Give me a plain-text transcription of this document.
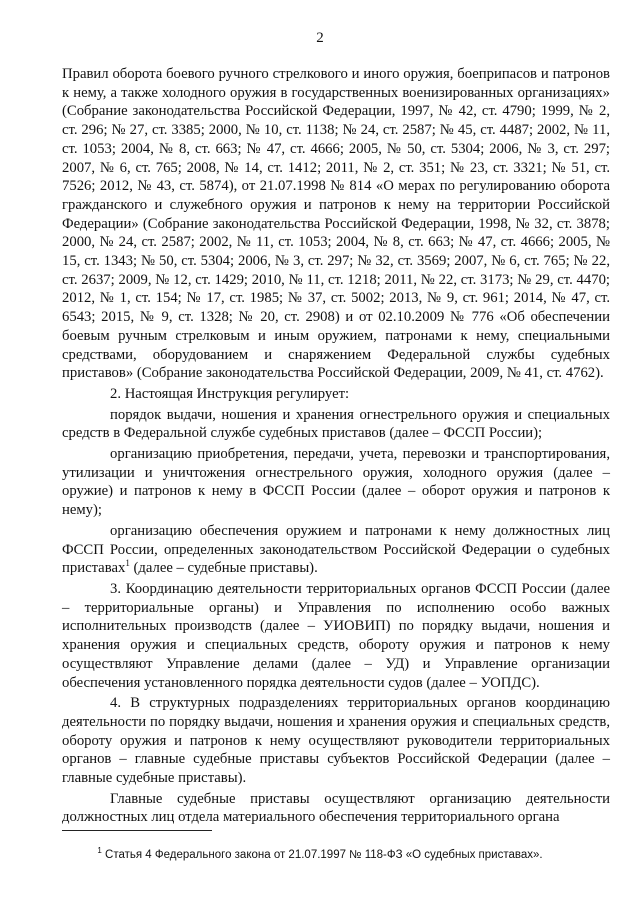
2

Правил оборота боевого ручного стрелкового и иного оружия, боеприпасов и патронов к нему, а также холодного оружия в государственных военизированных организациях» (Собрание законодательства Российской Федерации, 1997, № 42, ст. 4790; 1999, № 2, ст. 296; № 27, ст. 3385; 2000, № 10, ст. 1138; № 24, ст. 2587; № 45, ст. 4487; 2002, № 11, ст. 1053; 2004, № 8, ст. 663; № 47, ст. 4666; 2005, № 50, ст. 5304; 2006, № 3, ст. 297; 2007, № 6, ст. 765; 2008, № 14, ст. 1412; 2011, № 2, ст. 351; № 23, ст. 3321; № 51, ст. 7526; 2012, № 43, ст. 5874), от 21.07.1998 № 814 «О мерах по регулированию оборота гражданского и служебного оружия и патронов к нему на территории Российской Федерации» (Собрание законодательства Российской Федерации, 1998, № 32, ст. 3878; 2000, № 24, ст. 2587; 2002, № 11, ст. 1053; 2004, № 8, ст. 663; № 47, ст. 4666; 2005, № 15, ст. 1343; № 50, ст. 5304; 2006, № 3, ст. 297; № 32, ст. 3569; 2007, № 6, ст. 765; № 22, ст. 2637; 2009, № 12, ст. 1429; 2010, № 11, ст. 1218; 2011, № 22, ст. 3173; № 29, ст. 4470; 2012, № 1, ст. 154; № 17, ст. 1985; № 37, ст. 5002; 2013, № 9, ст. 961; 2014, № 47, ст. 6543; 2015, № 9, ст. 1328; № 20, ст. 2908) и от 02.10.2009 № 776 «Об обеспечении боевым ручным стрелковым и иным оружием, патронами к нему, специальными средствами, оборудованием и снаряжением Федеральной службы судебных приставов» (Собрание законодательства Российской Федерации, 2009, № 41, ст. 4762).

2. Настоящая Инструкция регулирует:

порядок выдачи, ношения и хранения огнестрельного оружия и специальных средств в Федеральной службе судебных приставов (далее – ФССП России);

организацию приобретения, передачи, учета, перевозки и транспортирования, утилизации и уничтожения огнестрельного оружия, холодного оружия (далее – оружие) и патронов к нему в ФССП России (далее – оборот оружия и патронов к нему);

организацию обеспечения оружием и патронами к нему должностных лиц ФССП России, определенных законодательством Российской Федерации о судебных приставах$^1$ (далее – судебные приставы).

3. Координацию деятельности территориальных органов ФССП России (далее – территориальные органы) и Управления по исполнению особо важных исполнительных производств (далее – УИОВИП) по порядку выдачи, ношения и хранения оружия и специальных средств, обороту оружия и патронов к нему осуществляют Управление делами (далее – УД) и Управление организации обеспечения установленного порядка деятельности судов (далее – УОПДС).

4. В структурных подразделениях территориальных органов координацию деятельности по порядку выдачи, ношения и хранения оружия и специальных средств, обороту оружия и патронов к нему осуществляют руководители территориальных органов – главные судебные приставы субъектов Российской Федерации (далее – главные судебные приставы).

Главные судебные приставы осуществляют организацию деятельности должностных лиц отдела материального обеспечения территориального органа

$^1$ Статья 4 Федерального закона от 21.07.1997 № 118-ФЗ «О судебных приставах».
